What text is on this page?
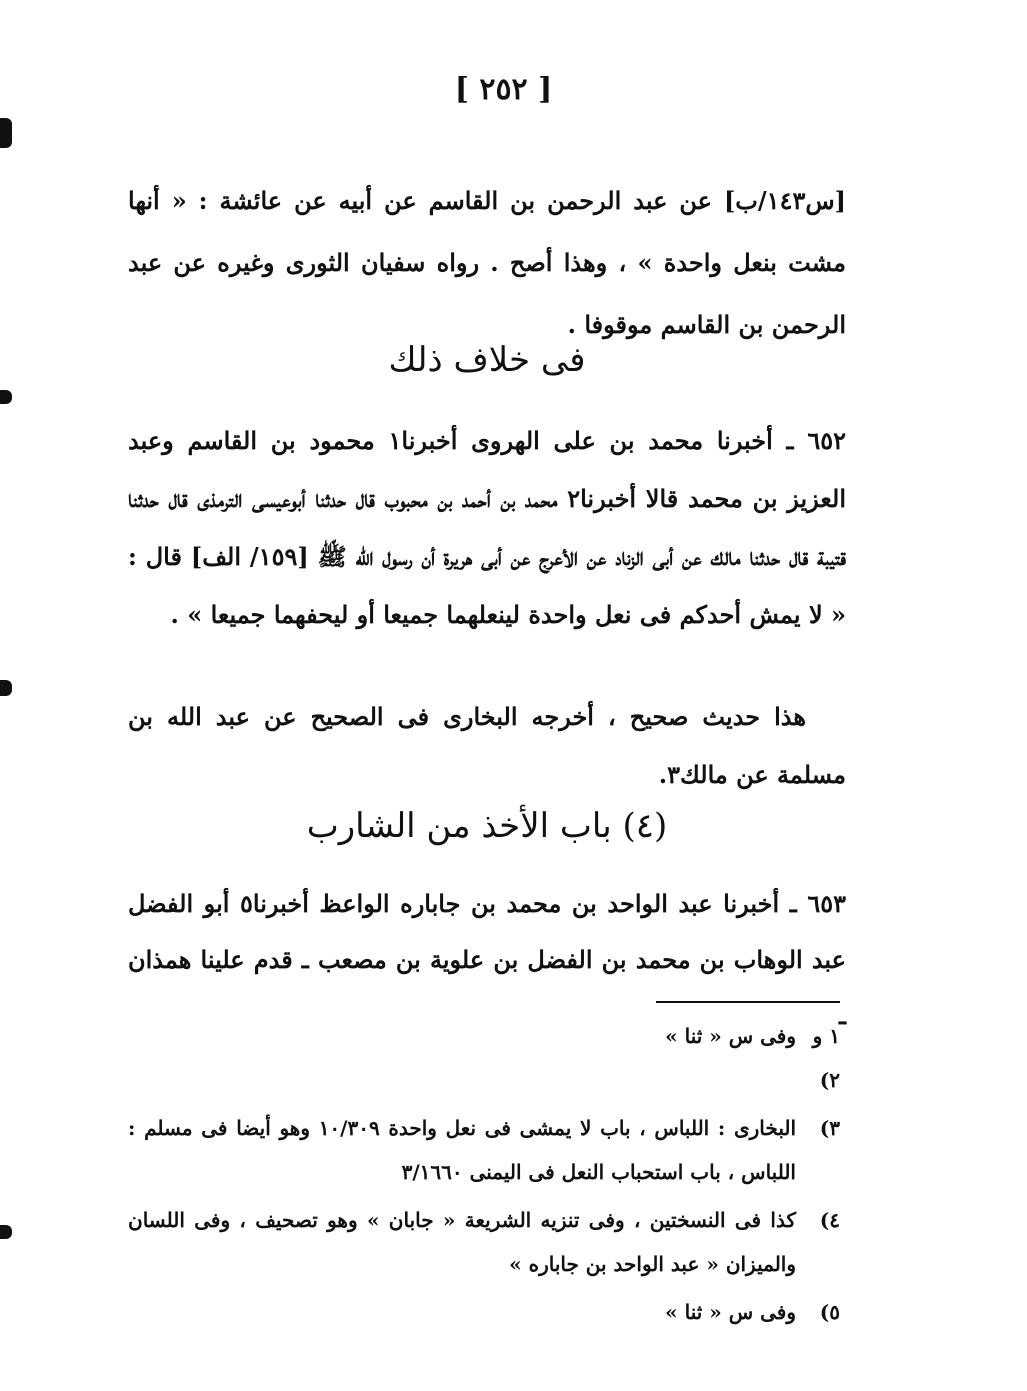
[ ٢٥٢ ]
[س١٤٣/ب] عن عبد الرحمن بن القاسم عن أبيه عن عائشة : « أنها مشت بنعل واحدة » ، وهذا أصح . رواه سفيان الثورى وغيره عن عبد الرحمن بن القاسم موقوفا .
فى خلاف ذلك
٦٥٢ ـ أخبرنا محمد بن على الهروى أخبرنا١ محمود بن القاسم وعبد العزيز بن محمد قالا أخبرنا٢ محمد بن أحمد بن محبوب قال حدثنا أبوعيسى الترمذى قال حدثنا قتيبة قال حدثنا مالك عن أبى الزناد عن الأعرج عن أبى هريرة أن رسول الله ﷺ [١٥٩/ الف] قال : « لا يمش أحدكم فى نعل واحدة لينعلهما جميعا أو ليحفهما جميعا » .
هذا حديث صحيح ، أخرجه البخارى فى الصحيح عن عبد الله بن مسلمة عن مالك٣.
(٤) باب الأخذ من الشارب
٦٥٣ ـ أخبرنا عبد الواحد بن محمد بن جاباره الواعظ أخبرنا٥ أبو الفضل عبد الوهاب بن محمد بن الفضل بن علوية بن مصعب ـ قدم علينا همذان ـ
١ و ٢)
وفى س « ثنا »
٣)
البخارى : اللباس ، باب لا يمشى فى نعل واحدة ١٠/٣٠٩ وهو أيضا فى مسلم : اللباس ، باب استحباب النعل فى اليمنى ٣/١٦٦٠
٤)
كذا فى النسختين ، وفى تنزيه الشريعة « جابان » وهو تصحيف ، وفى اللسان والميزان « عبد الواحد بن جاباره »
٥)
وفى س « ثنا »
